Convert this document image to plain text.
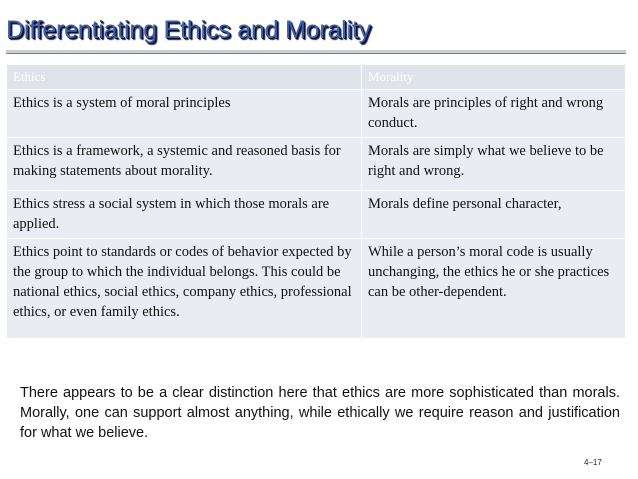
Differentiating Ethics and Morality
Ethics	Morality
Ethics is a system of moral principles	Morals are principles of right and wrong conduct.
Ethics is a framework, a systemic and reasoned basis for making statements about morality.	Morals are simply what we believe to be right and wrong.
Ethics stress a social system in which those morals are applied.	Morals define personal character,
Ethics point to standards or codes of behavior expected by the group to which the individual belongs. This could be national ethics, social ethics, company ethics, professional ethics, or even family ethics.	While a person’s moral code is usually unchanging, the ethics he or she practices can be other-dependent.
There appears to be a clear distinction here that ethics are more sophisticated than morals. Morally, one can support almost anything, while ethically we require reason and justification for what we believe.
4–17
